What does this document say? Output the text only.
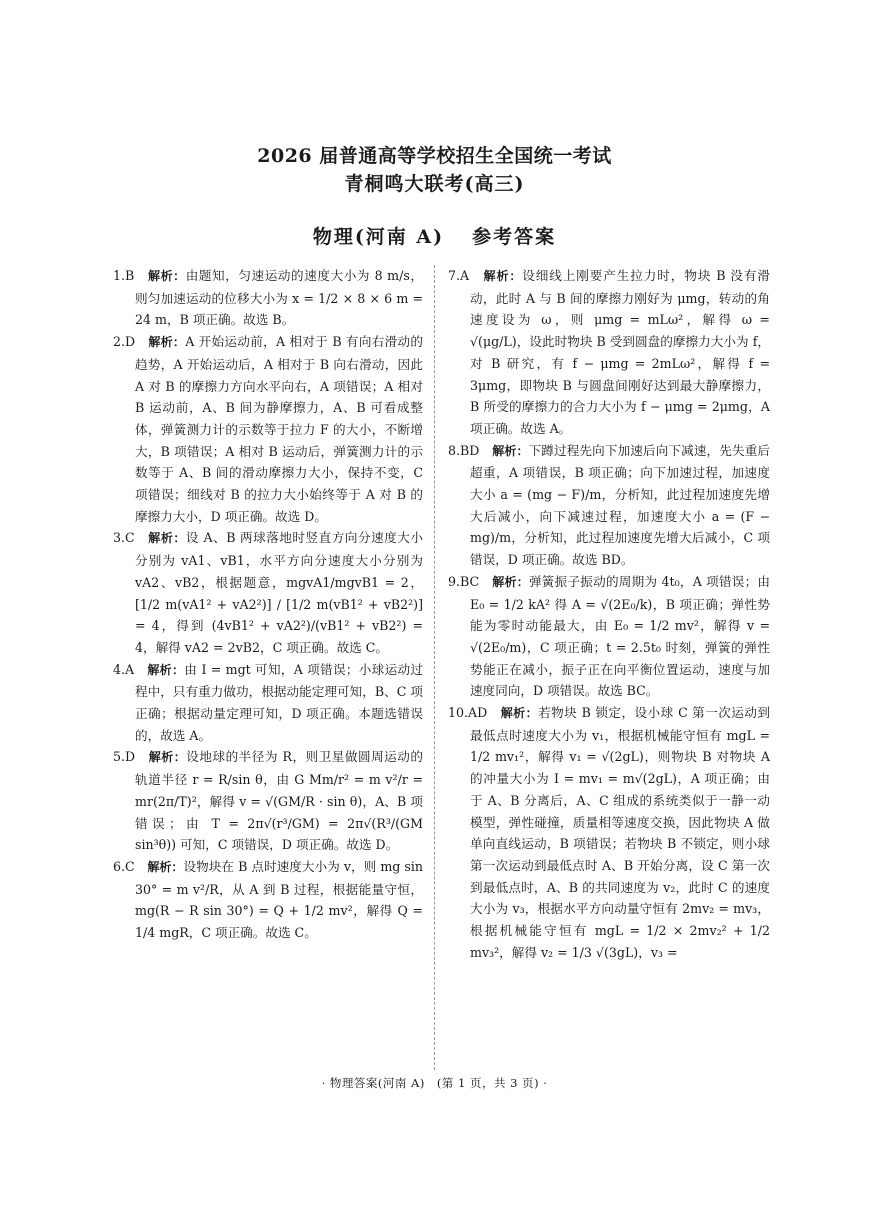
2026 届普通高等学校招生全国统一考试
青桐鸣大联考(高三)
物理(河南 A) 参考答案

1.B　 解析：由题知，匀速运动的速度大小为 8 m/s，则匀加速运动的位移大小为 x = 1/2 × 8 × 6 m = 24 m，B 项正确。故选 B。

2.D　 解析：A 开始运动前，A 相对于 B 有向右滑动的趋势，A 开始运动后，A 相对于 B 向右滑动，因此 A 对 B 的摩擦力方向水平向右，A 项错误；A 相对 B 运动前，A、B 间为静摩擦力，A、B 可看成整体，弹簧测力计的示数等于拉力 F 的大小，不断增大，B 项错误；A 相对 B 运动后，弹簧测力计的示数等于 A、B 间的滑动摩擦力大小，保持不变，C 项错误；细线对 B 的拉力大小始终等于 A 对 B 的摩擦力大小，D 项正确。故选 D。

3.C　 解析：设 A、B 两球落地时竖直方向分速度大小分别为 vA1、vB1，水平方向分速度大小分别为 vA2、vB2，根据题意，mgvA1/mgvB1 = 2，[1/2 m(vA1² + vA2²)] / [1/2 m(vB1² + vB2²)] = 4，得到 (4vB1² + vA2²)/(vB1² + vB2²) = 4，解得 vA2 = 2vB2，C 项正确。故选 C。

4.A　 解析：由 I = mgt 可知，A 项错误；小球运动过程中，只有重力做功，根据动能定理可知，B、C 项正确；根据动量定理可知，D 项正确。本题选错误的，故选 A。

5.D　 解析：设地球的半径为 R，则卫星做圆周运动的轨道半径 r = R/sin θ，由 G Mm/r² = m v²/r = mr(2π/T)²，解得 v = √(GM/R · sin θ)，A、B 项错误；由 T = 2π√(r³/GM) = 2π√(R³/(GM sin³θ)) 可知，C 项错误，D 项正确。故选 D。

6.C　 解析：设物块在 B 点时速度大小为 v，则 mg sin 30° = m v²/R，从 A 到 B 过程，根据能量守恒，mg(R − R sin 30°) = Q + 1/2 mv²，解得 Q = 1/4 mgR，C 项正确。故选 C。

7.A　 解析：设细线上刚要产生拉力时，物块 B 没有滑动，此时 A 与 B 间的摩擦力刚好为 μmg，转动的角速度设为 ω，则 μmg = mLω²，解得 ω = √(μg/L)，设此时物块 B 受到圆盘的摩擦力大小为 f，对 B 研究，有 f − μmg = 2mLω²，解得 f = 3μmg，即物块 B 与圆盘间刚好达到最大静摩擦力，B 所受的摩擦力的合力大小为 f − μmg = 2μmg，A 项正确。故选 A。

8.BD　 解析：下蹲过程先向下加速后向下减速，先失重后超重，A 项错误，B 项正确；向下加速过程，加速度大小 a = (mg − F)/m，分析知，此过程加速度先增大后减小，向下减速过程，加速度大小 a = (F − mg)/m，分析知，此过程加速度先增大后减小，C 项错误，D 项正确。故选 BD。

9.BC　 解析：弹簧振子振动的周期为 4t₀，A 项错误；由 E₀ = 1/2 kA² 得 A = √(2E₀/k)，B 项正确；弹性势能为零时动能最大，由 E₀ = 1/2 mv²，解得 v = √(2E₀/m)，C 项正确；t = 2.5t₀ 时刻，弹簧的弹性势能正在减小，振子正在向平衡位置运动，速度与加速度同向，D 项错误。故选 BC。

10.AD　 解析：若物块 B 锁定，设小球 C 第一次运动到最低点时速度大小为 v₁，根据机械能守恒有 mgL = 1/2 mv₁²，解得 v₁ = √(2gL)，则物块 B 对物块 A 的冲量大小为 I = mv₁ = m√(2gL)，A 项正确；由于 A、B 分离后，A、C 组成的系统类似于一静一动模型，弹性碰撞，质量相等速度交换，因此物块 A 做单向直线运动，B 项错误；若物块 B 不锁定，则小球第一次运动到最低点时 A、B 开始分离，设 C 第一次到最低点时，A、B 的共同速度为 v₂，此时 C 的速度大小为 v₃，根据水平方向动量守恒有 2mv₂ = mv₃，根据机械能守恒有 mgL = 1/2 × 2mv₂² + 1/2 mv₃²，解得 v₂ = 1/3 √(3gL)，v₃ =

· 物理答案(河南 A)　(第 1 页，共 3 页) ·
